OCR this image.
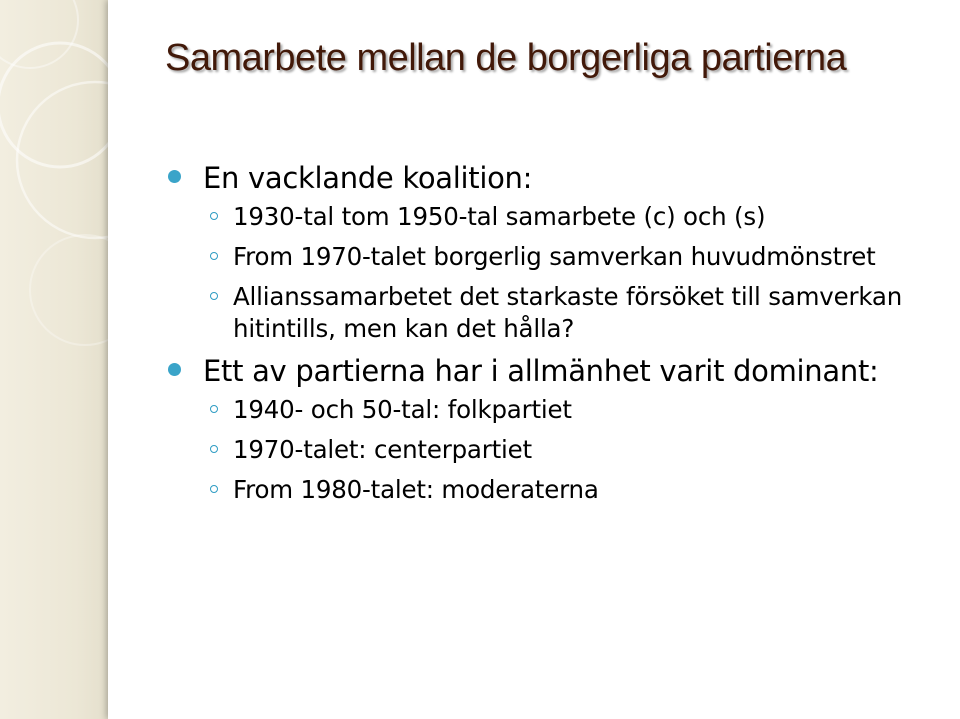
Samarbete mellan de borgerliga partierna
En vacklande koalition:
1930-tal tom 1950-tal samarbete (c) och (s)
From 1970-talet borgerlig samverkan huvudmönstret
Allianssamarbetet det starkaste försöket till samverkan hitintills, men kan det hålla?
Ett av partierna har i allmänhet varit dominant:
1940- och 50-tal: folkpartiet
1970-talet: centerpartiet
From 1980-talet: moderaterna
